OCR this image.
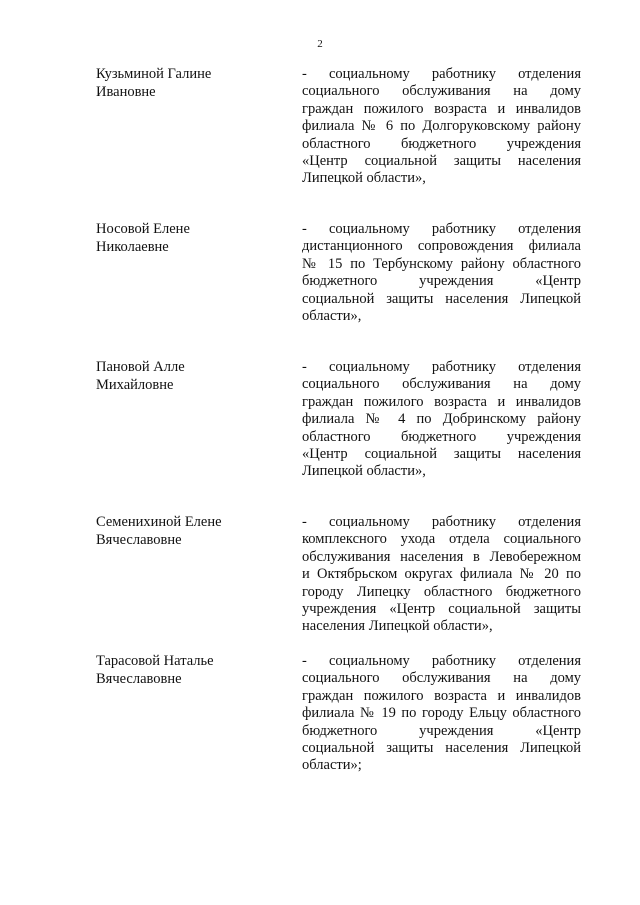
2
Кузьминой Галине
Ивановне
- социальному работнику отделения
социального обслуживания на дому
граждан пожилого возраста и инвалидов
филиала № 6 по Долгоруковскому району
областного бюджетного учреждения
«Центр социальной защиты населения
Липецкой области»,
Носовой Елене
Николаевне
- социальному работнику отделения
дистанционного сопровождения филиала
№ 15 по Тербунскому району областного
бюджетного учреждения «Центр
социальной защиты населения Липецкой
области»,
Пановой Алле
Михайловне
- социальному работнику отделения
социального обслуживания на дому
граждан пожилого возраста и инвалидов
филиала № 4 по Добринскому району
областного бюджетного учреждения
«Центр социальной защиты населения
Липецкой области»,
Семенихиной Елене
Вячеславовне
- социальному работнику отделения
комплексного ухода отдела социального
обслуживания населения в Левобережном
и Октябрьском округах филиала № 20 по
городу Липецку областного бюджетного
учреждения «Центр социальной защиты
населения Липецкой области»,
Тарасовой Наталье
Вячеславовне
- социальному работнику отделения
социального обслуживания на дому
граждан пожилого возраста и инвалидов
филиала № 19 по городу Ельцу областного
бюджетного учреждения «Центр
социальной защиты населения Липецкой
области»;
